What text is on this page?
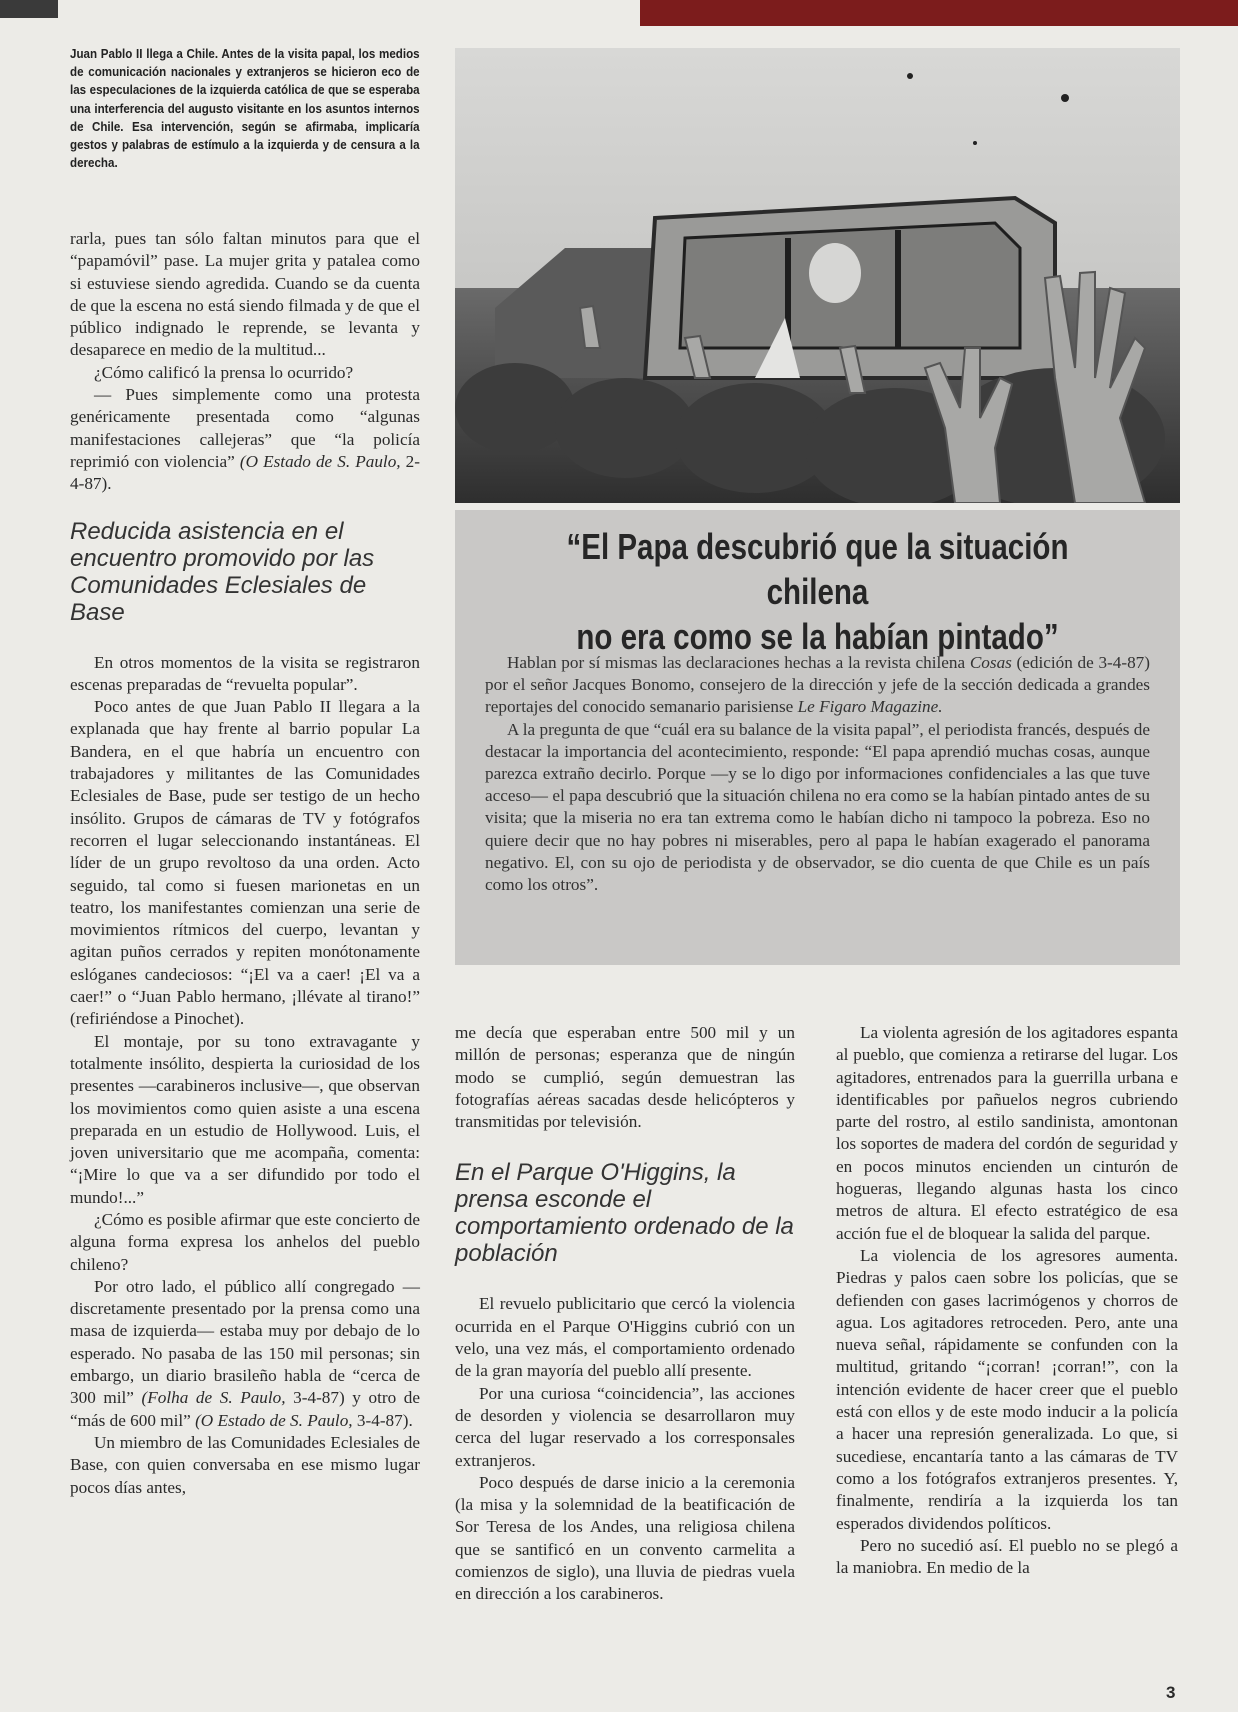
Juan Pablo II llega a Chile. Antes de la visita papal, los medios de comunicación nacionales y extranjeros se hicieron eco de las especulaciones de la izquierda católica de que se esperaba una interferencia del augusto visitante en los asuntos internos de Chile. Esa intervención, según se afirmaba, implicaría gestos y palabras de estímulo a la izquierda y de censura a la derecha.

rarla, pues tan sólo faltan minutos para que el “papamóvil” pase. La mujer grita y patalea como si estuviese siendo agredida. Cuando se da cuenta de que la escena no está siendo filmada y de que el público indignado le reprende, se levanta y desaparece en medio de la multitud...

¿Cómo calificó la prensa lo ocurrido?

— Pues simplemente como una protesta genéricamente presentada como “algunas manifestaciones callejeras” que “la policía reprimió con violencia” (O Estado de S. Paulo, 2-4-87).

Reducida asistencia en el encuentro promovido por las Comunidades Eclesiales de Base

En otros momentos de la visita se registraron escenas preparadas de “revuelta popular”.

Poco antes de que Juan Pablo II llegara a la explanada que hay frente al barrio popular La Bandera, en el que habría un encuentro con trabajadores y militantes de las Comunidades Eclesiales de Base, pude ser testigo de un hecho insólito. Grupos de cámaras de TV y fotógrafos recorren el lugar seleccionando instantáneas. El líder de un grupo revoltoso da una orden. Acto seguido, tal como si fuesen marionetas en un teatro, los manifestantes comienzan una serie de movimientos rítmicos del cuerpo, levantan y agitan puños cerrados y repiten monótonamente eslóganes candeciosos: “¡El va a caer! ¡El va a caer!” o “Juan Pablo hermano, ¡llévate al tirano!” (refiriéndose a Pinochet).

El montaje, por su tono extravagante y totalmente insólito, despierta la curiosidad de los presentes —carabineros inclusive—, que observan los movimientos como quien asiste a una escena preparada en un estudio de Hollywood. Luis, el joven universitario que me acompaña, comenta: “¡Mire lo que va a ser difundido por todo el mundo!...”

¿Cómo es posible afirmar que este concierto de alguna forma expresa los anhelos del pueblo chileno?

Por otro lado, el público allí congregado —discretamente presentado por la prensa como una masa de izquierda— estaba muy por debajo de lo esperado. No pasaba de las 150 mil personas; sin embargo, un diario brasileño habla de “cerca de 300 mil” (Folha de S. Paulo, 3-4-87) y otro de “más de 600 mil” (O Estado de S. Paulo, 3-4-87).

Un miembro de las Comunidades Eclesiales de Base, con quien conversaba en ese mismo lugar pocos días antes,

“El Papa descubrió que la situación chilena
no era como se la habían pintado”

Hablan por sí mismas las declaraciones hechas a la revista chilena Cosas (edición de 3-4-87) por el señor Jacques Bonomo, consejero de la dirección y jefe de la sección dedicada a grandes reportajes del conocido semanario parisiense Le Figaro Magazine.

A la pregunta de que “cuál era su balance de la visita papal”, el periodista francés, después de destacar la importancia del acontecimiento, responde: “El papa aprendió muchas cosas, aunque parezca extraño decirlo. Porque —y se lo digo por informaciones confidenciales a las que tuve acceso— el papa descubrió que la situación chilena no era como se la habían pintado antes de su visita; que la miseria no era tan extrema como le habían dicho ni tampoco la pobreza. Eso no quiere decir que no hay pobres ni miserables, pero al papa le habían exagerado el panorama negativo. El, con su ojo de periodista y de observador, se dio cuenta de que Chile es un país como los otros”.

me decía que esperaban entre 500 mil y un millón de personas; esperanza que de ningún modo se cumplió, según demuestran las fotografías aéreas sacadas desde helicópteros y transmitidas por televisión.

En el Parque O'Higgins, la prensa esconde el comportamiento ordenado de la población

El revuelo publicitario que cercó la violencia ocurrida en el Parque O'Higgins cubrió con un velo, una vez más, el comportamiento ordenado de la gran mayoría del pueblo allí presente.

Por una curiosa “coincidencia”, las acciones de desorden y violencia se desarrollaron muy cerca del lugar reservado a los corresponsales extranjeros.

Poco después de darse inicio a la ceremonia (la misa y la solemnidad de la beatificación de Sor Teresa de los Andes, una religiosa chilena que se santificó en un convento carmelita a comienzos de siglo), una lluvia de piedras vuela en dirección a los carabineros.

La violenta agresión de los agitadores espanta al pueblo, que comienza a retirarse del lugar. Los agitadores, entrenados para la guerrilla urbana e identificables por pañuelos negros cubriendo parte del rostro, al estilo sandinista, amontonan los soportes de madera del cordón de seguridad y en pocos minutos encienden un cinturón de hogueras, llegando algunas hasta los cinco metros de altura. El efecto estratégico de esa acción fue el de bloquear la salida del parque.

La violencia de los agresores aumenta. Piedras y palos caen sobre los policías, que se defienden con gases lacrimógenos y chorros de agua. Los agitadores retroceden. Pero, ante una nueva señal, rápidamente se confunden con la multitud, gritando “¡corran! ¡corran!”, con la intención evidente de hacer creer que el pueblo está con ellos y de este modo inducir a la policía a hacer una represión generalizada. Lo que, si sucediese, encantaría tanto a las cámaras de TV como a los fotógrafos extranjeros presentes. Y, finalmente, rendiría a la izquierda los tan esperados dividendos políticos.

Pero no sucedió así. El pueblo no se plegó a la maniobra. En medio de la

3
